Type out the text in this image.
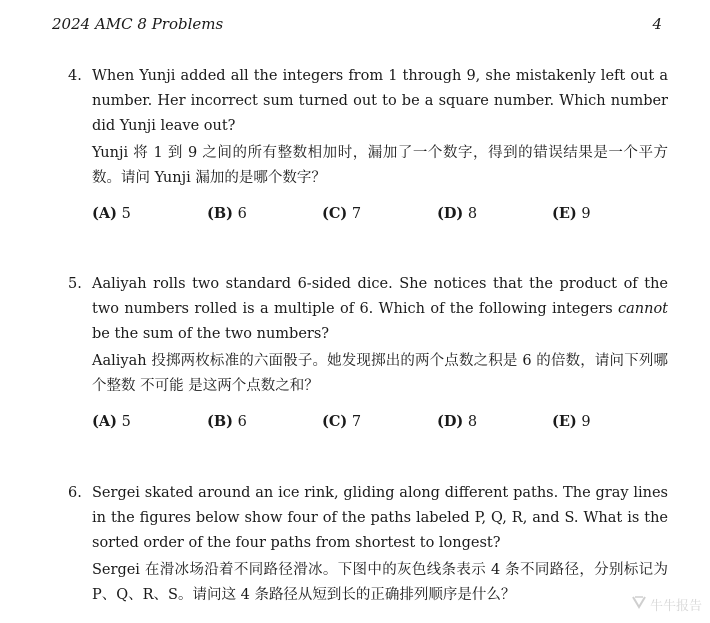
2024 AMC 8 Problems	4
4. When Yunji added all the integers from 1 through 9, she mistakenly left out a number. Her incorrect sum turned out to be a square number. Which number did Yunji leave out?

Yunji 将 1 到 9 之间的所有整数相加时，漏加了一个数字，得到的错误结果是一个平方数。请问 Yunji 漏加的是哪个数字？

(A) 5	(B) 6	(C) 7	(D) 8	(E) 9
5. Aaliyah rolls two standard 6-sided dice. She notices that the product of the two numbers rolled is a multiple of 6. Which of the following integers cannot be the sum of the two numbers?

Aaliyah 投掷两枚标准的六面骰子。她发现掷出的两个点数之积是 6 的倍数，请问下列哪个整数 不可能 是这两个点数之和？

(A) 5	(B) 6	(C) 7	(D) 8	(E) 9
6. Sergei skated around an ice rink, gliding along different paths. The gray lines in the figures below show four of the paths labeled P, Q, R, and S. What is the sorted order of the four paths from shortest to longest?

Sergei 在滑冰场沿着不同路径滑冰。下图中的灰色线条表示 4 条不同路径，分别标记为 P、Q、R、S。请问这 4 条路径从短到长的正确排列顺序是什么？

牛牛报告
